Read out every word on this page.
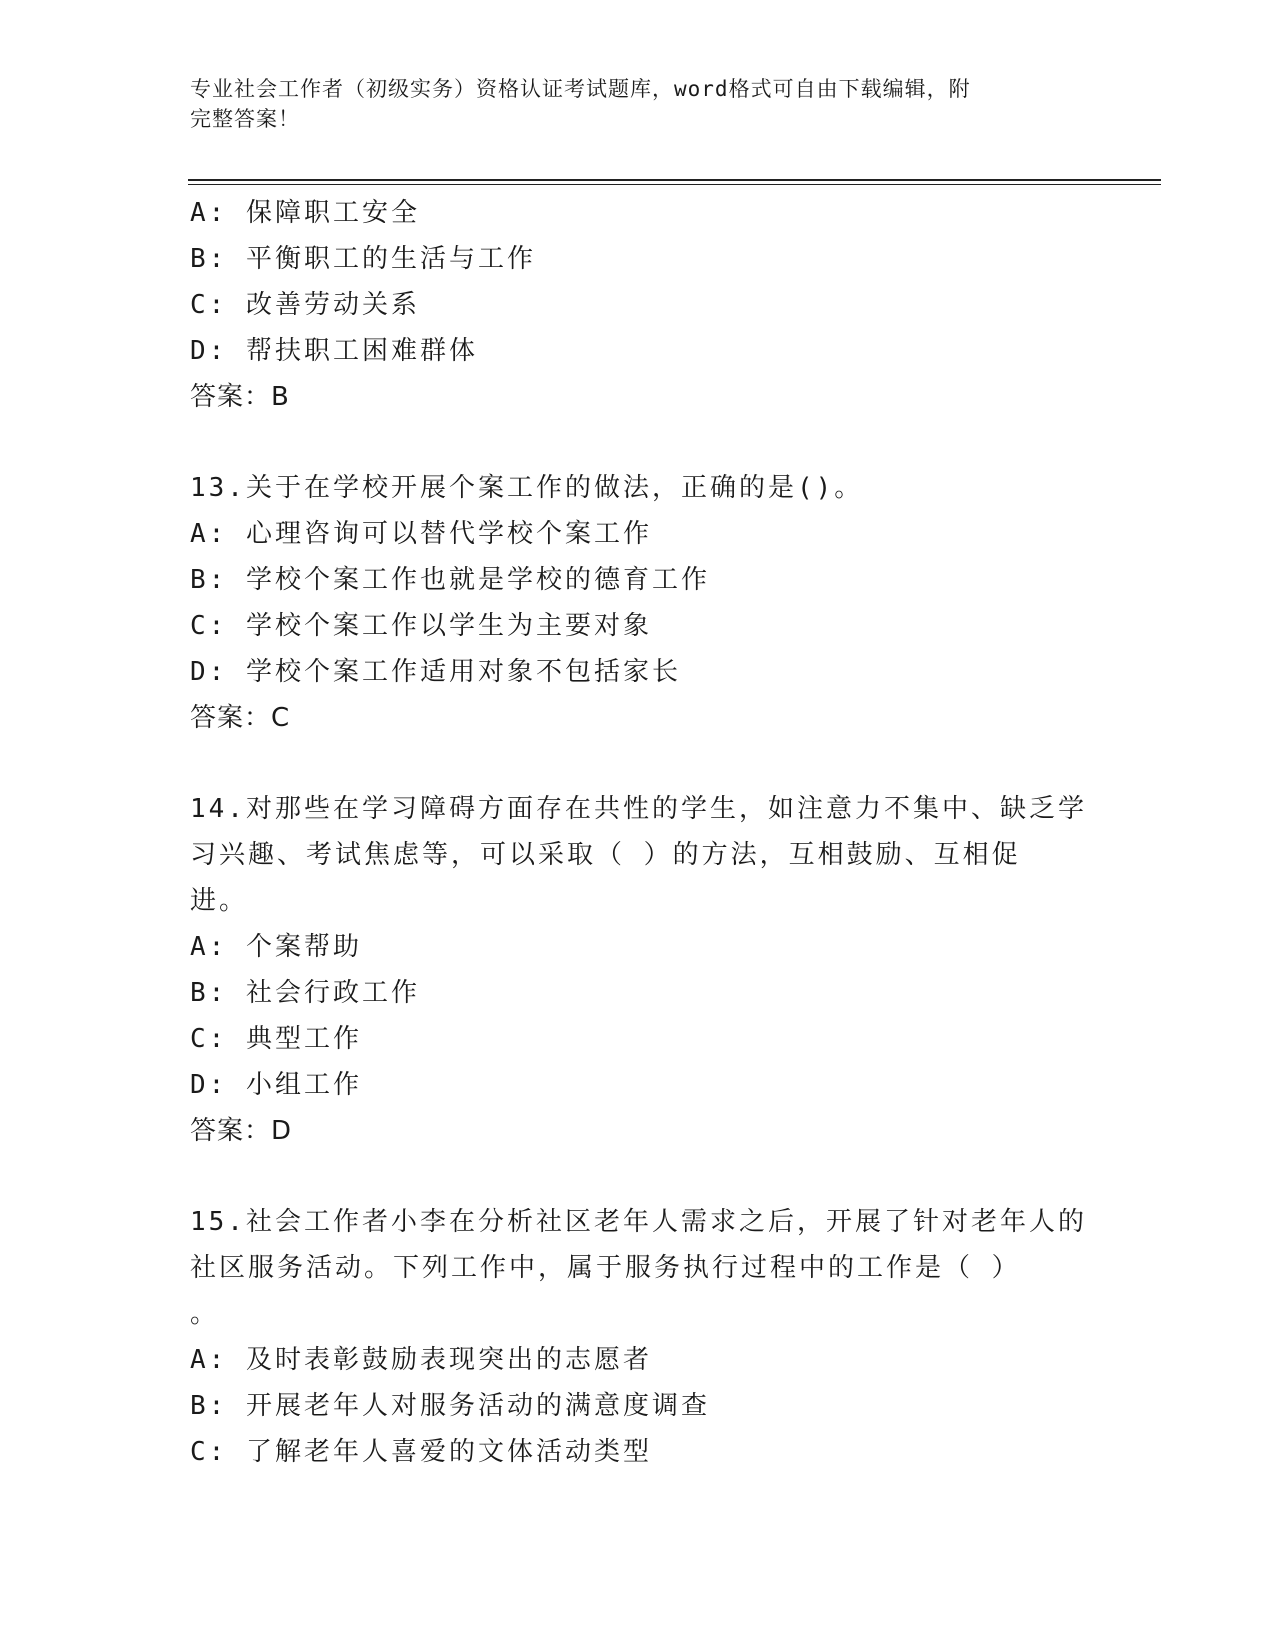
专业社会工作者（初级实务）资格认证考试题库，word格式可自由下载编辑，附
完整答案！
A: 保障职工安全
B: 平衡职工的生活与工作
C: 改善劳动关系
D: 帮扶职工困难群体
答案：B
13.关于在学校开展个案工作的做法，正确的是()。
A: 心理咨询可以替代学校个案工作
B: 学校个案工作也就是学校的德育工作
C: 学校个案工作以学生为主要对象
D: 学校个案工作适用对象不包括家长
答案：C
14.对那些在学习障碍方面存在共性的学生，如注意力不集中、缺乏学
习兴趣、考试焦虑等，可以采取（ ）的方法，互相鼓励、互相促
进。
A: 个案帮助
B: 社会行政工作
C: 典型工作
D: 小组工作
答案：D
15.社会工作者小李在分析社区老年人需求之后，开展了针对老年人的
社区服务活动。下列工作中，属于服务执行过程中的工作是（ ）
。
A: 及时表彰鼓励表现突出的志愿者
B: 开展老年人对服务活动的满意度调查
C: 了解老年人喜爱的文体活动类型
